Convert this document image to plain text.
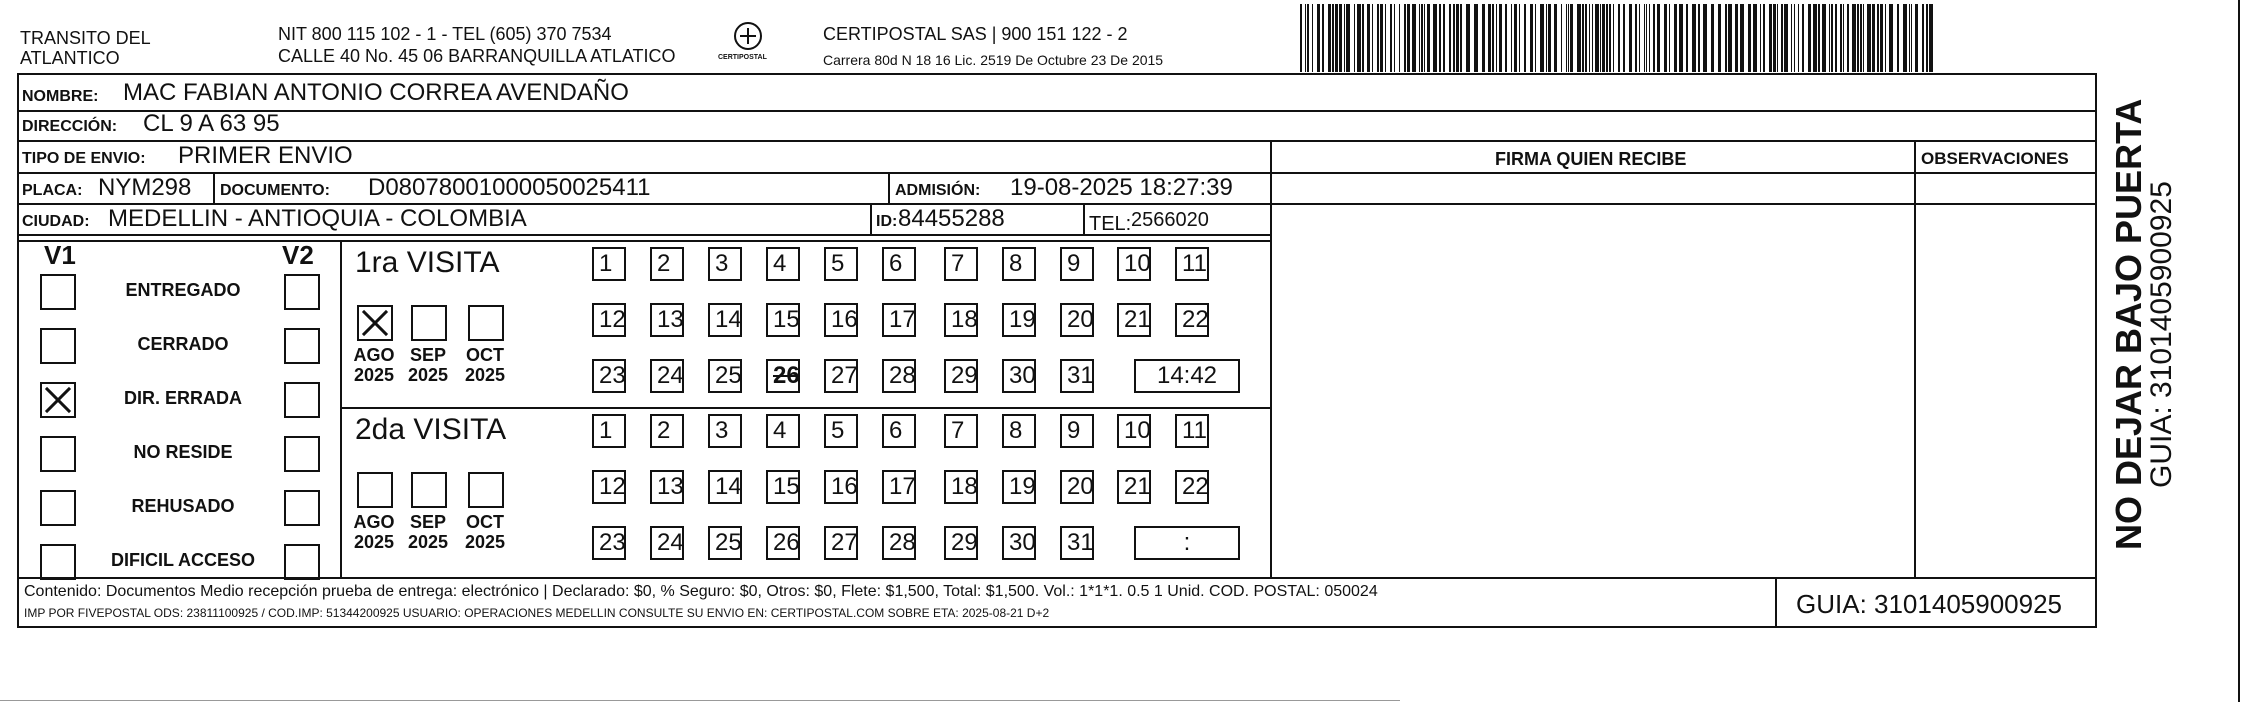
TRANSITO DEL
ATLANTICO
NIT 800 115 102 - 1 - TEL (605) 370 7534
CALLE 40 No. 45 06 BARRANQUILLA ATLATICO	CERTIPOSTAL
CERTIPOSTAL SAS | 900 151 122 - 2
Carrera 80d N 18 16 Lic. 2519 De Octubre 23 De 2015
NOMBRE: MAC FABIAN ANTONIO CORREA AVENDAÑO
DIRECCIÓN: CL 9 A 63 95
TIPO DE ENVIO: PRIMER ENVIO
PLACA: NYM298 DOCUMENTO: D08078001000050025411	ADMISIÓN: 19-08-2025 18:27:39
CIUDAD: MEDELLIN - ANTIOQUIA - COLOMBIA	ID: 84455288	TEL: 2566020
FIRMA QUIEN RECIBE	OBSERVACIONES
V1	V2
ENTREGADO
CERRADO
DIR. ERRADA
NO RESIDE
REHUSADO
DIFICIL ACCESO
1ra VISITA
2da VISITA
AGO
2025
SEP
2025
OCT
2025
1	2	3	4	5	6	7	8	9	10 11
12 13 14 15 16 17 18 19 20 21 22
23 24 25 26 27 28 29 30 31	14:42
AGO
2025
SEP
2025
OCT
2025
1	2	3	4	5	6	7	8	9	10 11
12 13 14 15 16 17 18 19 20 21 22
23 24 25 26 27 28 29 30 31	:
Contenido: Documentos Medio recepción prueba de entrega: electrónico | Declarado: $0, % Seguro: $0, Otros: $0, Flete: $1,500, Total: $1,500. Vol.: 1*1*1. 0.5 1 Unid. COD. POSTAL: 050024
IMP POR FIVEPOSTAL ODS: 23811100925 / COD.IMP: 51344200925 USUARIO: OPERACIONES MEDELLIN CONSULTE SU ENVIO EN: CERTIPOSTAL.COM SOBRE ETA: 2025-08-21 D+2	GUIA: 3101405900925
NO DEJAR BAJO PUERTA
GUIA: 3101405900925
